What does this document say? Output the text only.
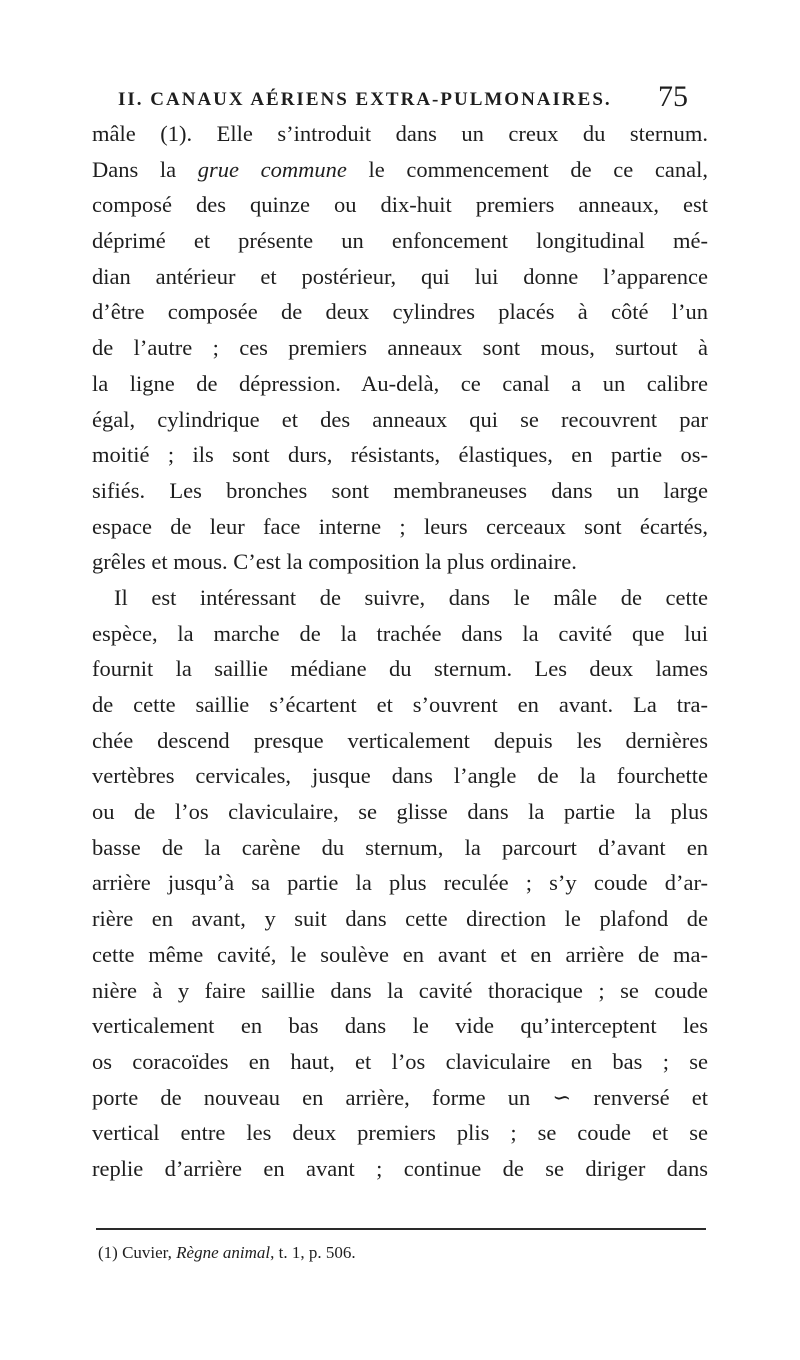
II. CANAUX AÉRIENS EXTRA-PULMONAIRES. 75
mâle (1). Elle s’introduit dans un creux du sternum.
Dans la grue commune le commencement de ce canal,
composé des quinze ou dix-huit premiers anneaux, est
déprimé et présente un enfoncement longitudinal mé-
dian antérieur et postérieur, qui lui donne l’apparence
d’être composée de deux cylindres placés à côté l’un
de l’autre ; ces premiers anneaux sont mous, surtout à
la ligne de dépression. Au-delà, ce canal a un calibre
égal, cylindrique et des anneaux qui se recouvrent par
moitié ; ils sont durs, résistants, élastiques, en partie os-
sifiés. Les bronches sont membraneuses dans un large
espace de leur face interne ; leurs cerceaux sont écartés,
grêles et mous. C’est la composition la plus ordinaire.
Il est intéressant de suivre, dans le mâle de cette
espèce, la marche de la trachée dans la cavité que lui
fournit la saillie médiane du sternum. Les deux lames
de cette saillie s’écartent et s’ouvrent en avant. La tra-
chée descend presque verticalement depuis les dernières
vertèbres cervicales, jusque dans l’angle de la fourchette
ou de l’os claviculaire, se glisse dans la partie la plus
basse de la carène du sternum, la parcourt d’avant en
arrière jusqu’à sa partie la plus reculée ; s’y coude d’ar-
rière en avant, y suit dans cette direction le plafond de
cette même cavité, le soulève en avant et en arrière de ma-
nière à y faire saillie dans la cavité thoracique ; se coude
verticalement en bas dans le vide qu’interceptent les
os coracoïdes en haut, et l’os claviculaire en bas ; se
porte de nouveau en arrière, forme un ∽ renversé et
vertical entre les deux premiers plis ; se coude et se
replie d’arrière en avant ; continue de se diriger dans
(1) Cuvier, Règne animal, t. 1, p. 506.
